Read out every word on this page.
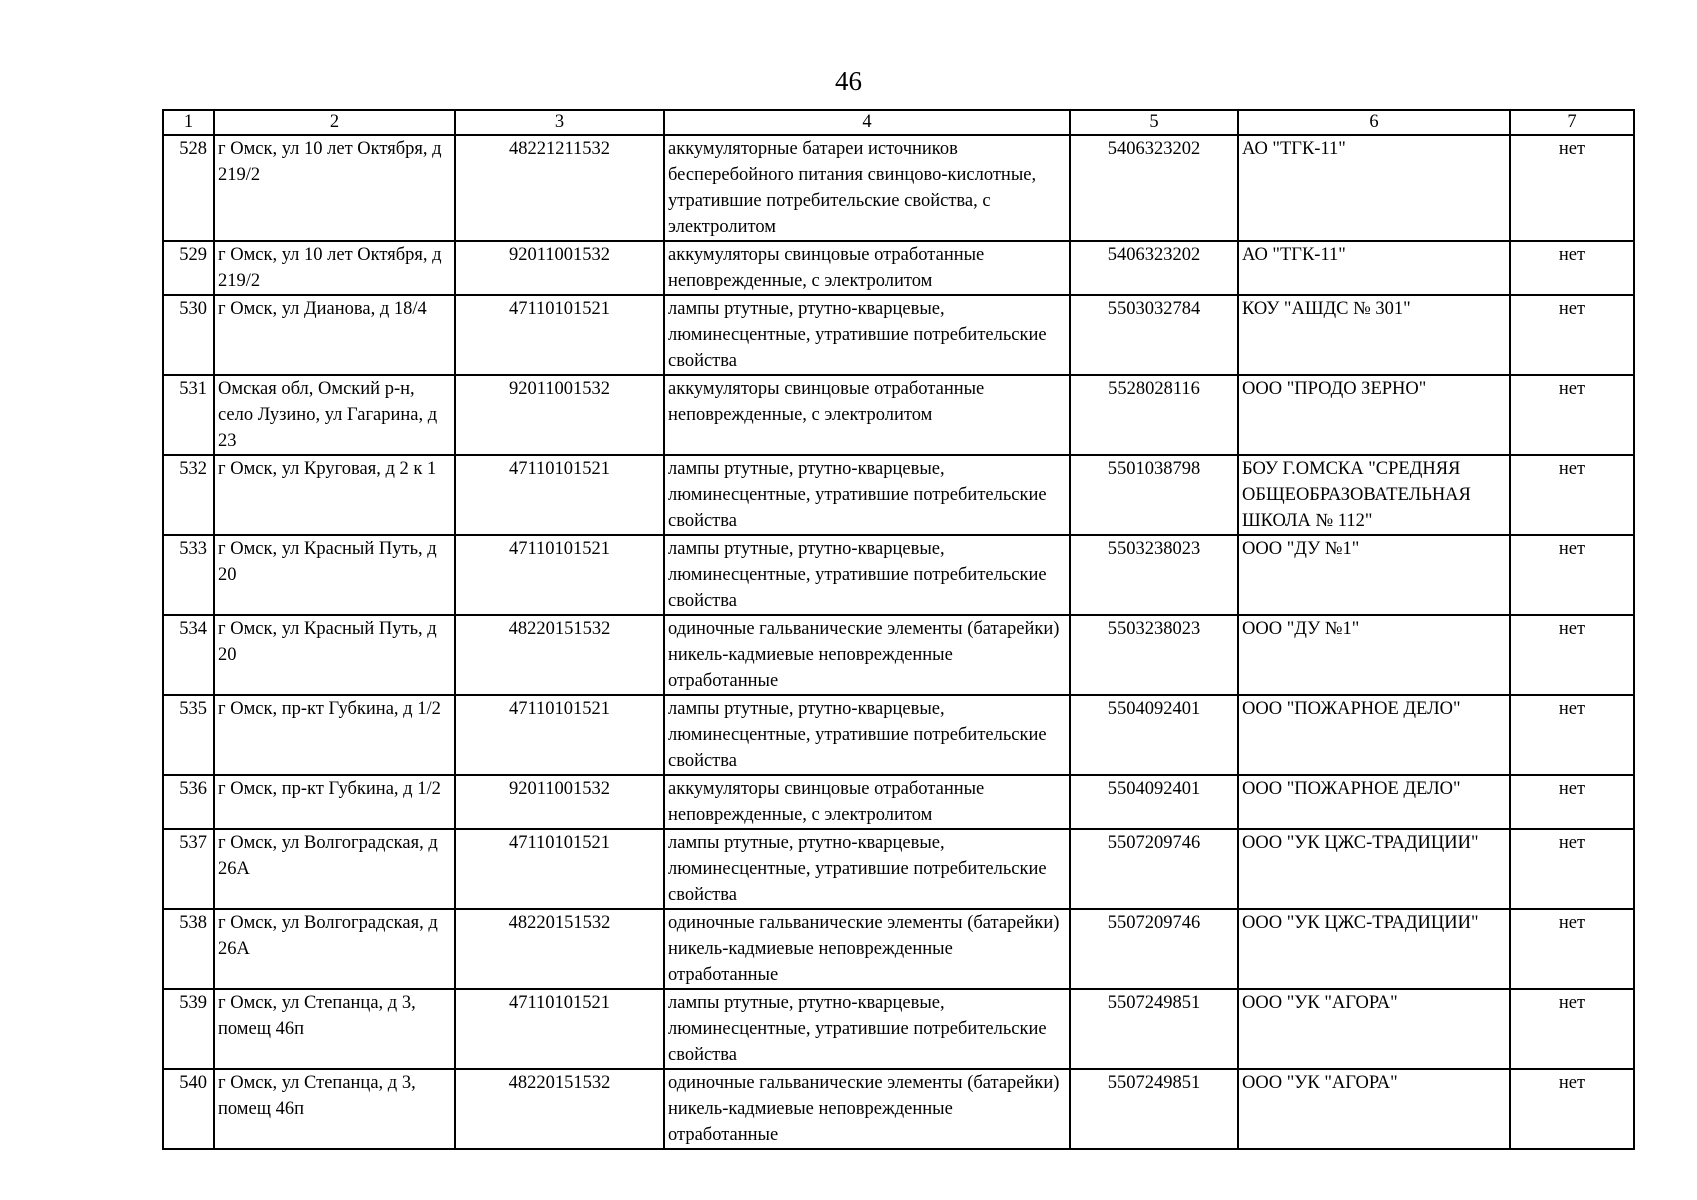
46
1	2	3	4	5	6	7
528	г Омск, ул 10 лет Октября, д 219/2	48221211532	аккумуляторные батареи источников бесперебойного питания свинцово-кислотные, утратившие потребительские свойства, с электролитом	5406323202	АО "ТГК-11"	нет
529	г Омск, ул 10 лет Октября, д 219/2	92011001532	аккумуляторы свинцовые отработанные неповрежденные, с электролитом	5406323202	АО "ТГК-11"	нет
530	г Омск, ул Дианова, д 18/4	47110101521	лампы ртутные, ртутно-кварцевые, люминесцентные, утратившие потребительские свойства	5503032784	КОУ "АШДС № 301"	нет
531	Омская обл, Омский р-н, село Лузино, ул Гагарина, д 23	92011001532	аккумуляторы свинцовые отработанные неповрежденные, с электролитом	5528028116	ООО "ПРОДО ЗЕРНО"	нет
532	г Омск, ул Круговая, д 2 к 1	47110101521	лампы ртутные, ртутно-кварцевые, люминесцентные, утратившие потребительские свойства	5501038798	БОУ Г.ОМСКА "СРЕДНЯЯ ОБЩЕОБРАЗОВАТЕЛЬНАЯ ШКОЛА № 112"	нет
533	г Омск, ул Красный Путь, д 20	47110101521	лампы ртутные, ртутно-кварцевые, люминесцентные, утратившие потребительские свойства	5503238023	ООО "ДУ №1"	нет
534	г Омск, ул Красный Путь, д 20	48220151532	одиночные гальванические элементы (батарейки) никель-кадмиевые неповрежденные отработанные	5503238023	ООО "ДУ №1"	нет
535	г Омск, пр-кт Губкина, д 1/2	47110101521	лампы ртутные, ртутно-кварцевые, люминесцентные, утратившие потребительские свойства	5504092401	ООО "ПОЖАРНОЕ ДЕЛО"	нет
536	г Омск, пр-кт Губкина, д 1/2	92011001532	аккумуляторы свинцовые отработанные неповрежденные, с электролитом	5504092401	ООО "ПОЖАРНОЕ ДЕЛО"	нет
537	г Омск, ул Волгоградская, д 26А	47110101521	лампы ртутные, ртутно-кварцевые, люминесцентные, утратившие потребительские свойства	5507209746	ООО "УК ЦЖС-ТРАДИЦИИ"	нет
538	г Омск, ул Волгоградская, д 26А	48220151532	одиночные гальванические элементы (батарейки) никель-кадмиевые неповрежденные отработанные	5507209746	ООО "УК ЦЖС-ТРАДИЦИИ"	нет
539	г Омск, ул Степанца, д 3, помещ 46п	47110101521	лампы ртутные, ртутно-кварцевые, люминесцентные, утратившие потребительские свойства	5507249851	ООО "УК "АГОРА"	нет
540	г Омск, ул Степанца, д 3, помещ 46п	48220151532	одиночные гальванические элементы (батарейки) никель-кадмиевые неповрежденные отработанные	5507249851	ООО "УК "АГОРА"	нет
